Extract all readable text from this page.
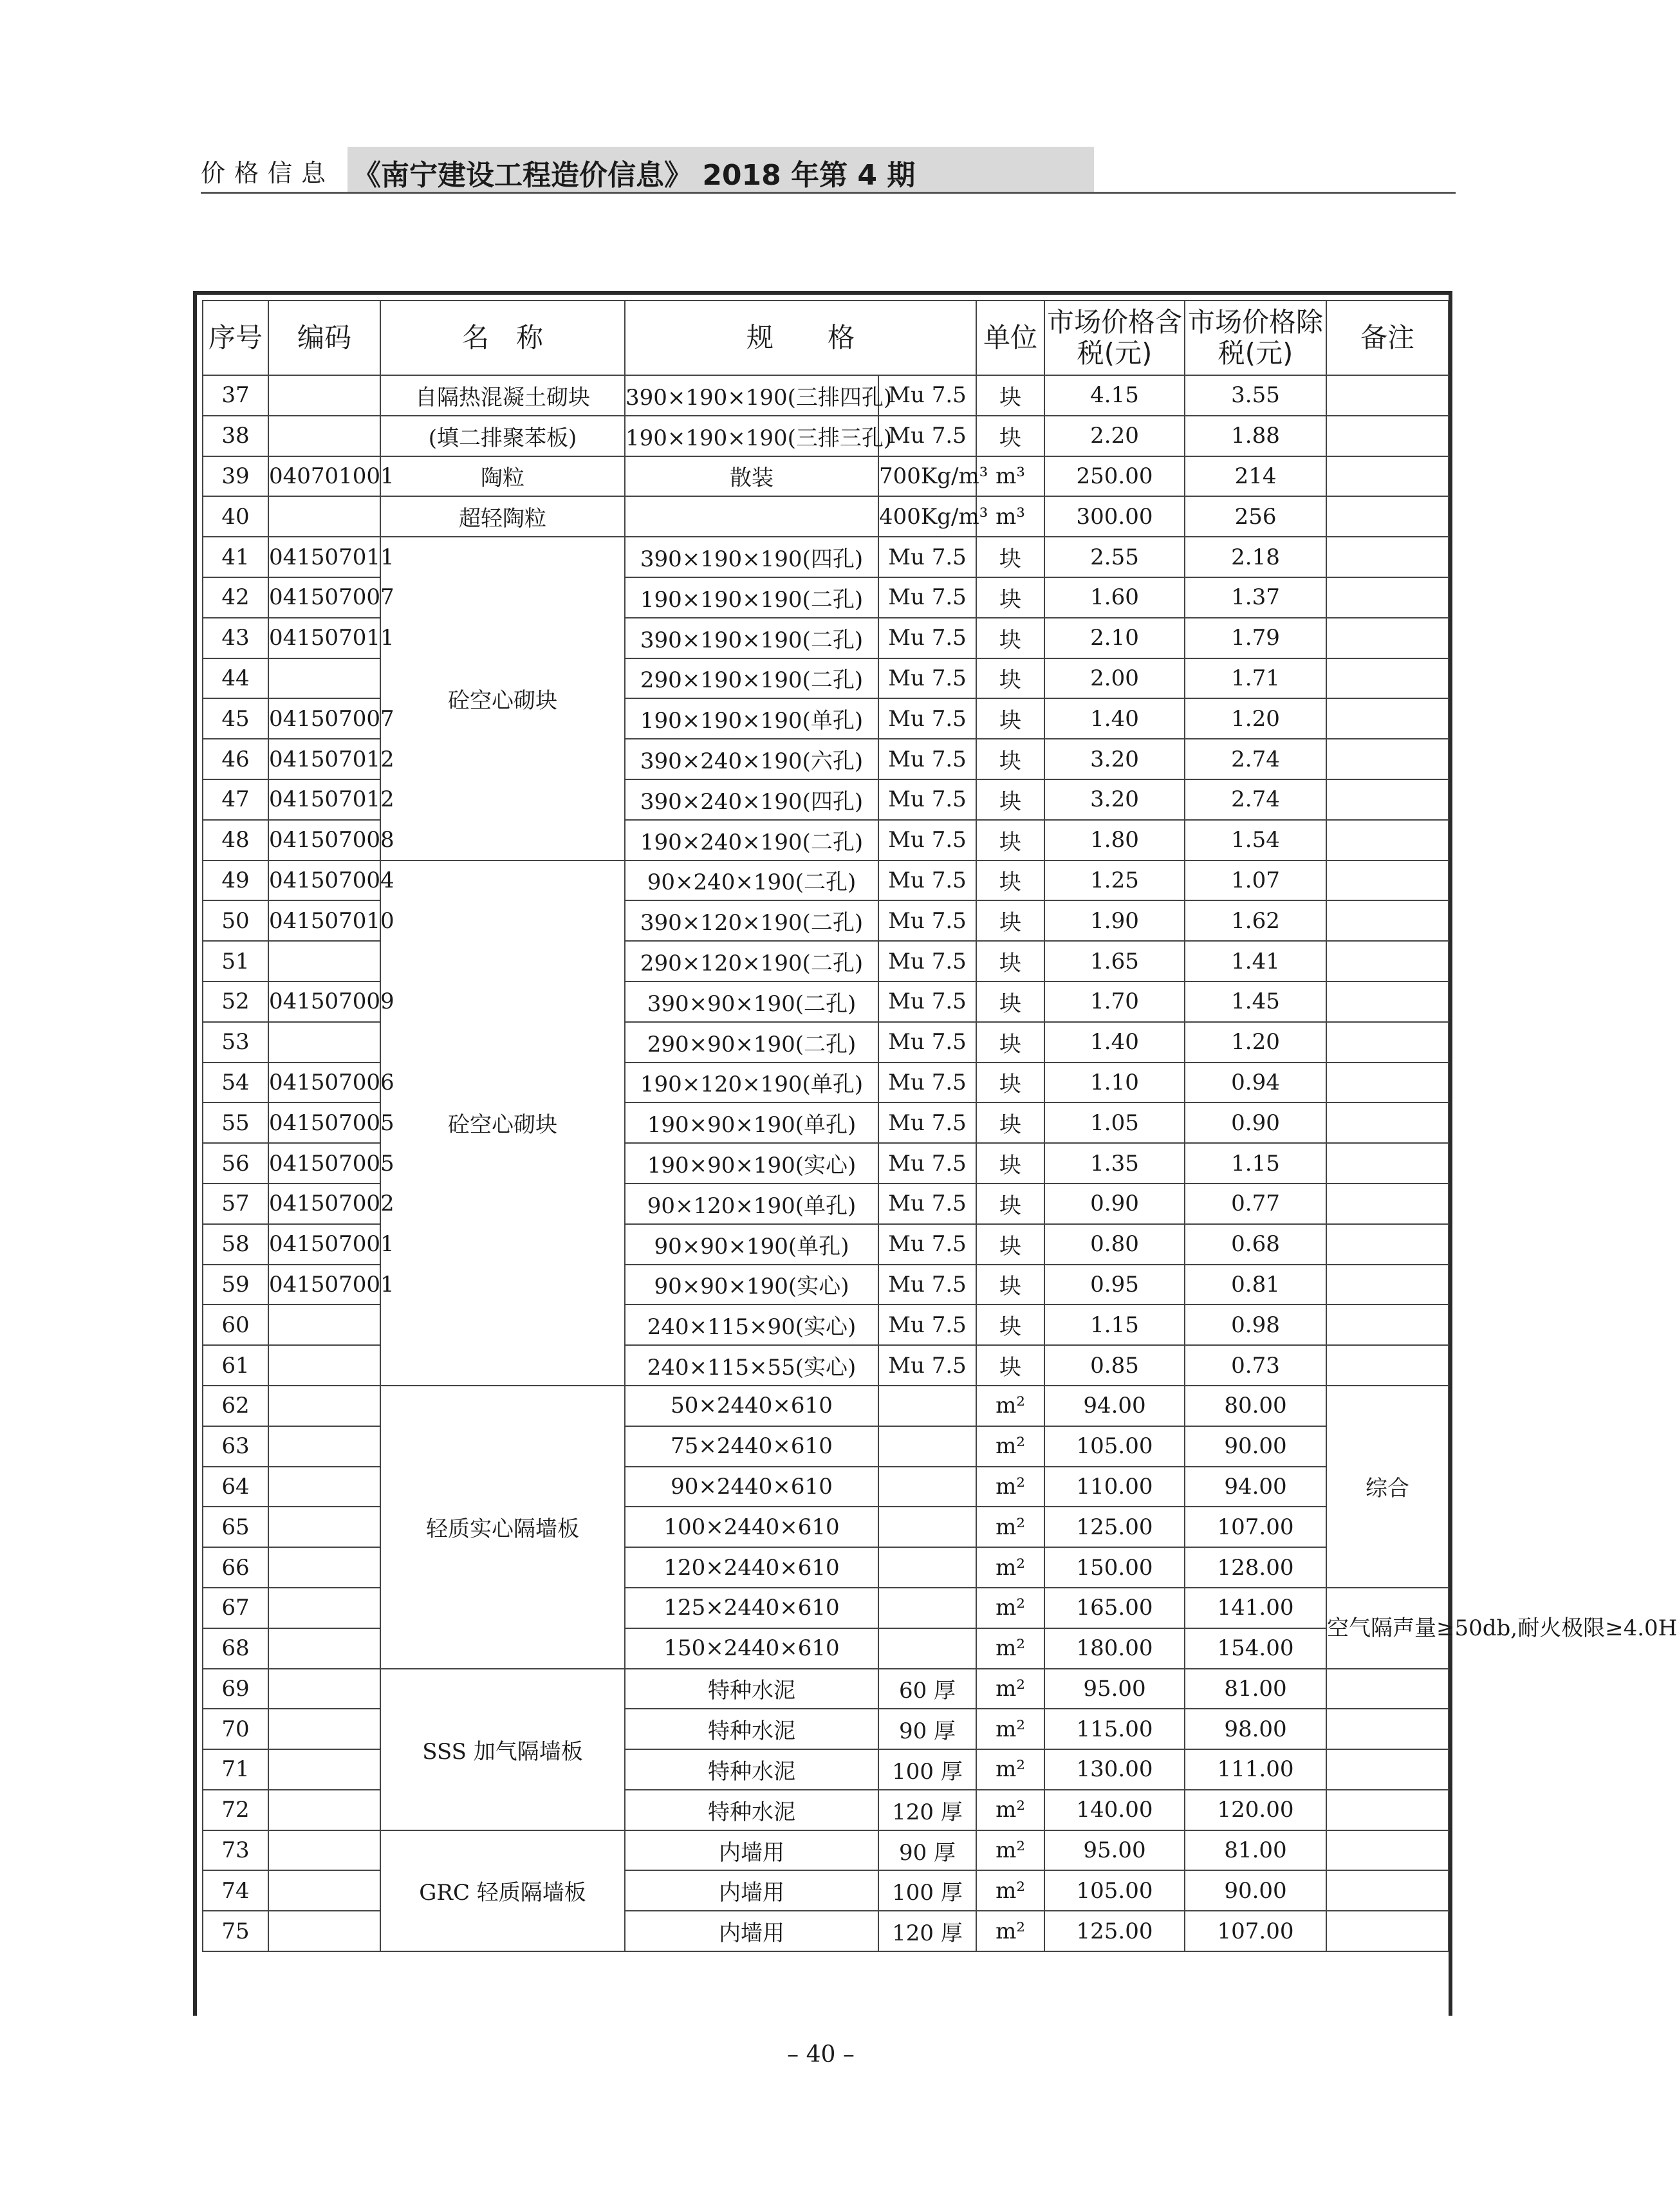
价格信息 《南宁建设工程造价信息》 2018 年第 4 期
序号	编码	名　称	规　　格		单位	市场价格含税(元)	市场价格除税(元)	备注
37		自隔热混凝土砌块	390×190×190(三排四孔)	Mu 7.5	块	4.15	3.55	
38		(填二排聚苯板)	190×190×190(三排三孔)	Mu 7.5	块	2.20	1.88	
39	040701001	陶粒	散装	700Kg/m³	m³	250.00	214	
40		超轻陶粒		400Kg/m³	m³	300.00	256	
41	041507011	砼空心砌块	390×190×190(四孔)	Mu 7.5	块	2.55	2.18	
42	041507007		190×190×190(二孔)	Mu 7.5	块	1.60	1.37	
43	041507011		390×190×190(二孔)	Mu 7.5	块	2.10	1.79	
44			290×190×190(二孔)	Mu 7.5	块	2.00	1.71	
45	041507007		190×190×190(单孔)	Mu 7.5	块	1.40	1.20	
46	041507012		390×240×190(六孔)	Mu 7.5	块	3.20	2.74	
47	041507012		390×240×190(四孔)	Mu 7.5	块	3.20	2.74	
48	041507008		190×240×190(二孔)	Mu 7.5	块	1.80	1.54	
49	041507004	砼空心砌块	90×240×190(二孔)	Mu 7.5	块	1.25	1.07	
50	041507010		390×120×190(二孔)	Mu 7.5	块	1.90	1.62	
51			290×120×190(二孔)	Mu 7.5	块	1.65	1.41	
52	041507009		390×90×190(二孔)	Mu 7.5	块	1.70	1.45	
53			290×90×190(二孔)	Mu 7.5	块	1.40	1.20	
54	041507006		190×120×190(单孔)	Mu 7.5	块	1.10	0.94	
55	041507005		190×90×190(单孔)	Mu 7.5	块	1.05	0.90	
56	041507005		190×90×190(实心)	Mu 7.5	块	1.35	1.15	
57	041507002		90×120×190(单孔)	Mu 7.5	块	0.90	0.77	
58	041507001		90×90×190(单孔)	Mu 7.5	块	0.80	0.68	
59	041507001		90×90×190(实心)	Mu 7.5	块	0.95	0.81	
60			240×115×90(实心)	Mu 7.5	块	1.15	0.98	
61			240×115×55(实心)	Mu 7.5	块	0.85	0.73	
62		轻质实心隔墙板	50×2440×610		m²	94.00	80.00	综合
63			75×2440×610		m²	105.00	90.00	
64			90×2440×610		m²	110.00	94.00	
65			100×2440×610		m²	125.00	107.00	
66			120×2440×610		m²	150.00	128.00	
67			125×2440×610		m²	165.00	141.00	空气隔声量≥50db,耐火极限≥4.0H
68			150×2440×610		m²	180.00	154.00	
69		SSS 加气隔墙板	特种水泥	60 厚	m²	95.00	81.00	
70			特种水泥	90 厚	m²	115.00	98.00	
71			特种水泥	100 厚	m²	130.00	111.00	
72			特种水泥	120 厚	m²	140.00	120.00	
73		GRC 轻质隔墙板	内墙用	90 厚	m²	95.00	81.00	
74			内墙用	100 厚	m²	105.00	90.00	
75			内墙用	120 厚	m²	125.00	107.00	
– 40 –
